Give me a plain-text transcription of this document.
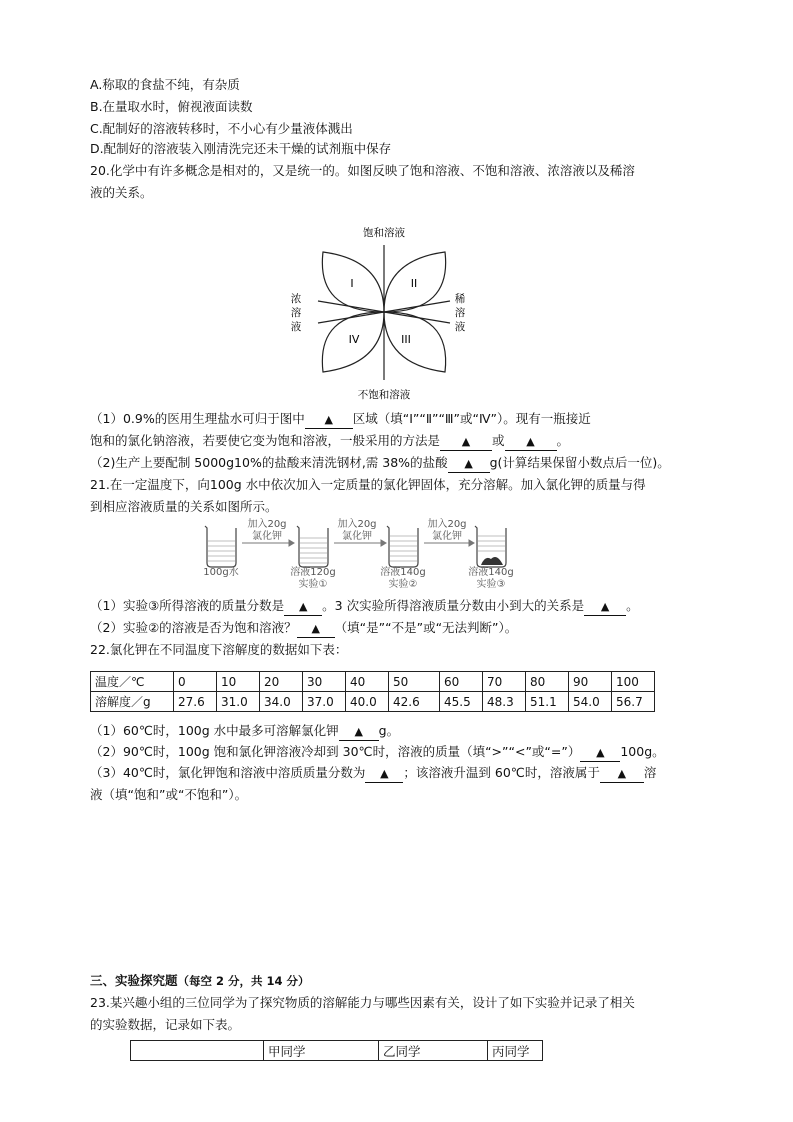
A.称取的食盐不纯，有杂质
B.在量取水时，俯视液面读数
C.配制好的溶液转移时，不小心有少量液体溅出
D.配制好的溶液装入刚清洗完还未干燥的试剂瓶中保存
20.化学中有许多概念是相对的，又是统一的。如图反映了饱和溶液、不饱和溶液、浓溶液以及稀溶
液的关系。
饱和溶液
不饱和溶液
浓
溶
液
稀
溶
液
I	II
III
IV
（1）0.9%的医用生理盐水可归于图中 ▲ 区域（填“I”“Ⅱ”“Ⅲ”或“Ⅳ”）。现有一瓶接近
饱和的氯化钠溶液，若要使它变为饱和溶液，一般采用的方法是 ▲ 或 ▲ 。
（2)生产上要配制 5000g10%的盐酸来清洗钢材,需 38%的盐酸 ▲ g(计算结果保留小数点后一位)。
21.在一定温度下，向100g 水中依次加入一定质量的氯化钾固体，充分溶解。加入氯化钾的质量与得
到相应溶液质量的关系如图所示。
加入20g
氯化钾
加入20g
氯化钾
加入20g
氯化钾
100g水	溶液120g
实验①
溶液140g
实验②
溶液140g
实验③
（1）实验③所得溶液的质量分数是 ▲ 。3 次实验所得溶液质量分数由小到大的关系是 ▲ 。
（2）实验②的溶液是否为饱和溶液？ ▲ （填“是”“不是”或“无法判断”）。
22.氯化钾在不同温度下溶解度的数据如下表：
温度／℃	0	10	20	30	40	50	60	70	80	90	100
溶解度／g	27.6	31.0	34.0	37.0	40.0	42.6	45.5	48.3	51.1	54.0	56.7
（1）60℃时，100g 水中最多可溶解氯化钾 ▲ g。
（2）90℃时，100g 饱和氯化钾溶液冷却到 30℃时，溶液的质量（填“>”“<”或“=”） ▲ 100g。
（3）40℃时，氯化钾饱和溶液中溶质质量分数为 ▲ ；该溶液升温到 60℃时，溶液属于 ▲ 溶
液（填“饱和”或“不饱和”）。
三、实验探究题（每空 2 分，共 14 分）
23.某兴趣小组的三位同学为了探究物质的溶解能力与哪些因素有关，设计了如下实验并记录了相关
的实验数据，记录如下表。
	甲同学	乙同学	丙同学
